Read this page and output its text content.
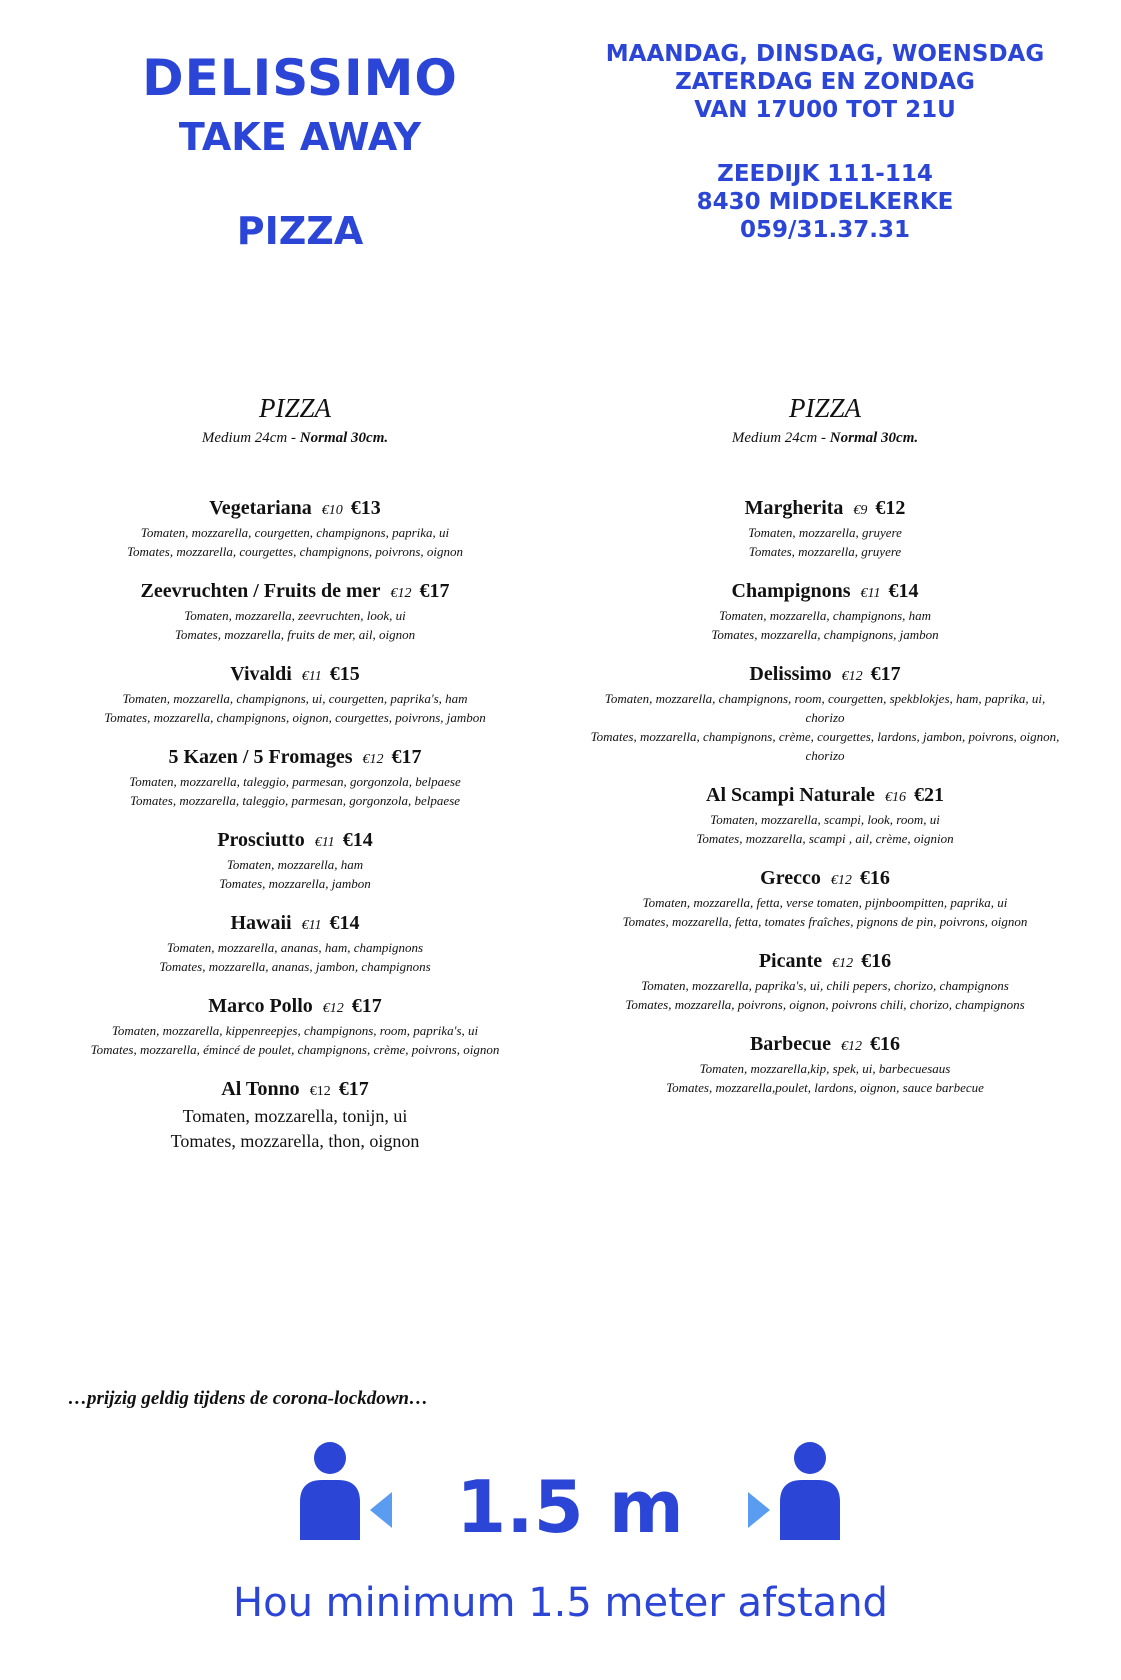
DELISSIMO
TAKE AWAY
PIZZA
MAANDAG, DINSDAG, WOENSDAG
ZATERDAG EN ZONDAG
VAN 17U00 TOT 21U
ZEEDIJK 111-114
8430 MIDDELKERKE
059/31.37.31
PIZZA
Medium 24cm - Normal 30cm.
Vegetariana €10 €13
Tomaten, mozzarella, courgetten, champignons, paprika, ui
Tomates, mozzarella, courgettes, champignons, poivrons, oignon
Zeevruchten / Fruits de mer €12 €17
Tomaten, mozzarella, zeevruchten, look, ui
Tomates, mozzarella, fruits de mer, ail, oignon
Vivaldi €11 €15
Tomaten, mozzarella, champignons, ui, courgetten, paprika's, ham
Tomates, mozzarella, champignons, oignon, courgettes, poivrons, jambon
5 Kazen / 5 Fromages €12 €17
Tomaten, mozzarella, taleggio, parmesan, gorgonzola, belpaese
Tomates, mozzarella, taleggio, parmesan, gorgonzola, belpaese
Prosciutto €11 €14
Tomaten, mozzarella, ham
Tomates, mozzarella, jambon
Hawaii €11 €14
Tomaten, mozzarella, ananas, ham, champignons
Tomates, mozzarella, ananas, jambon, champignons
Marco Pollo €12 €17
Tomaten, mozzarella, kippenreepjes, champignons, room, paprika's, ui
Tomates, mozzarella, émincé de poulet, champignons, crème, poivrons, oignon
Al Tonno €12 €17
Tomaten, mozzarella, tonijn, ui
Tomates, mozzarella, thon, oignon
PIZZA
Medium 24cm - Normal 30cm.
Margherita €9 €12
Tomaten, mozzarella, gruyere
Tomates, mozzarella, gruyere
Champignons €11 €14
Tomaten, mozzarella, champignons, ham
Tomates, mozzarella, champignons, jambon
Delissimo €12 €17
Tomaten, mozzarella, champignons, room, courgetten, spekblokjes, ham, paprika, ui, chorizo
Tomates, mozzarella, champignons, crème, courgettes, lardons, jambon, poivrons, oignon, chorizo
Al Scampi Naturale €16 €21
Tomaten, mozzarella, scampi, look, room, ui
Tomates, mozzarella, scampi , ail, crème, oignion
Grecco €12 €16
Tomaten, mozzarella, fetta, verse tomaten, pijnboompitten, paprika, ui
Tomates, mozzarella, fetta, tomates fraîches, pignons de pin, poivrons, oignon
Picante €12 €16
Tomaten, mozzarella, paprika's, ui, chili pepers, chorizo, champignons
Tomates, mozzarella, poivrons, oignon, poivrons chili, chorizo, champignons
Barbecue €12 €16
Tomaten, mozzarella,kip, spek, ui, barbecuesaus
Tomates, mozzarella,poulet, lardons, oignon, sauce barbecue
…prijzig geldig tijdens de corona-lockdown…
1.5 m
Hou minimum 1.5 meter afstand
